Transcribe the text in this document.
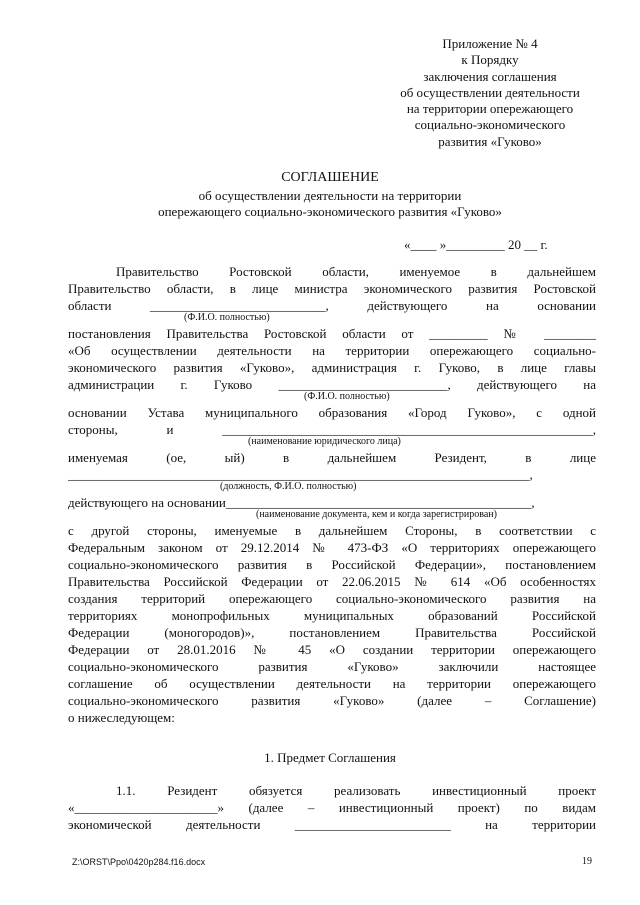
Приложение № 4
к Порядку
заключения соглашения
об осуществлении деятельности
на территории опережающего
социально-экономического
развития «Гуково»
СОГЛАШЕНИЕ
об осуществлении деятельности на территории
опережающего социально-экономического развития «Гуково»
«____ »_________ 20 __ г.
Правительство Ростовской области, именуемое в дальнейшем
Правительство области, в лице министра экономического развития Ростовской
области ___________________________, действующего на основании
(Ф.И.О. полностью)
постановления Правительства Ростовской области от _________ № ________
«Об осуществлении деятельности на территории опережающего социально-
экономического развития «Гуково», администрация г. Гуково, в лице главы
администрации г. Гуково __________________________, действующего на
(Ф.И.О. полностью)
основании Устава муниципального образования «Город Гуково», с одной
стороны, и _________________________________________________________,
(наименование юридического лица)
именуемая (ое, ый) в дальнейшем Резидент, в лице
_______________________________________________________________________,
(должность, Ф.И.О. полностью)
действующего на основании_______________________________________________,
(наименование документа, кем и когда зарегистрирован)
с другой стороны, именуемые в дальнейшем Стороны, в соответствии с
Федеральным законом от 29.12.2014 № 473-ФЗ «О территориях опережающего
социально-экономического развития в Российской Федерации», постановлением
Правительства Российской Федерации от 22.06.2015 № 614 «Об особенностях
создания территорий опережающего социально-экономического развития на
территориях монопрофильных муниципальных образований Российской
Федерации (моногородов)», постановлением Правительства Российской
Федерации от 28.01.2016 № 45 «О создании территории опережающего
социально-экономического развития «Гуково» заключили настоящее
соглашение об осуществлении деятельности на территории опережающего
социально-экономического развития «Гуково» (далее – Соглашение)
о нижеследующем:
1. Предмет Соглашения
1.1. Резидент обязуется реализовать инвестиционный проект
«______________________» (далее – инвестиционный проект) по видам
экономической деятельности ________________________ на территории
Z:\ORST\Ppo\0420p284.f16.docx	19
